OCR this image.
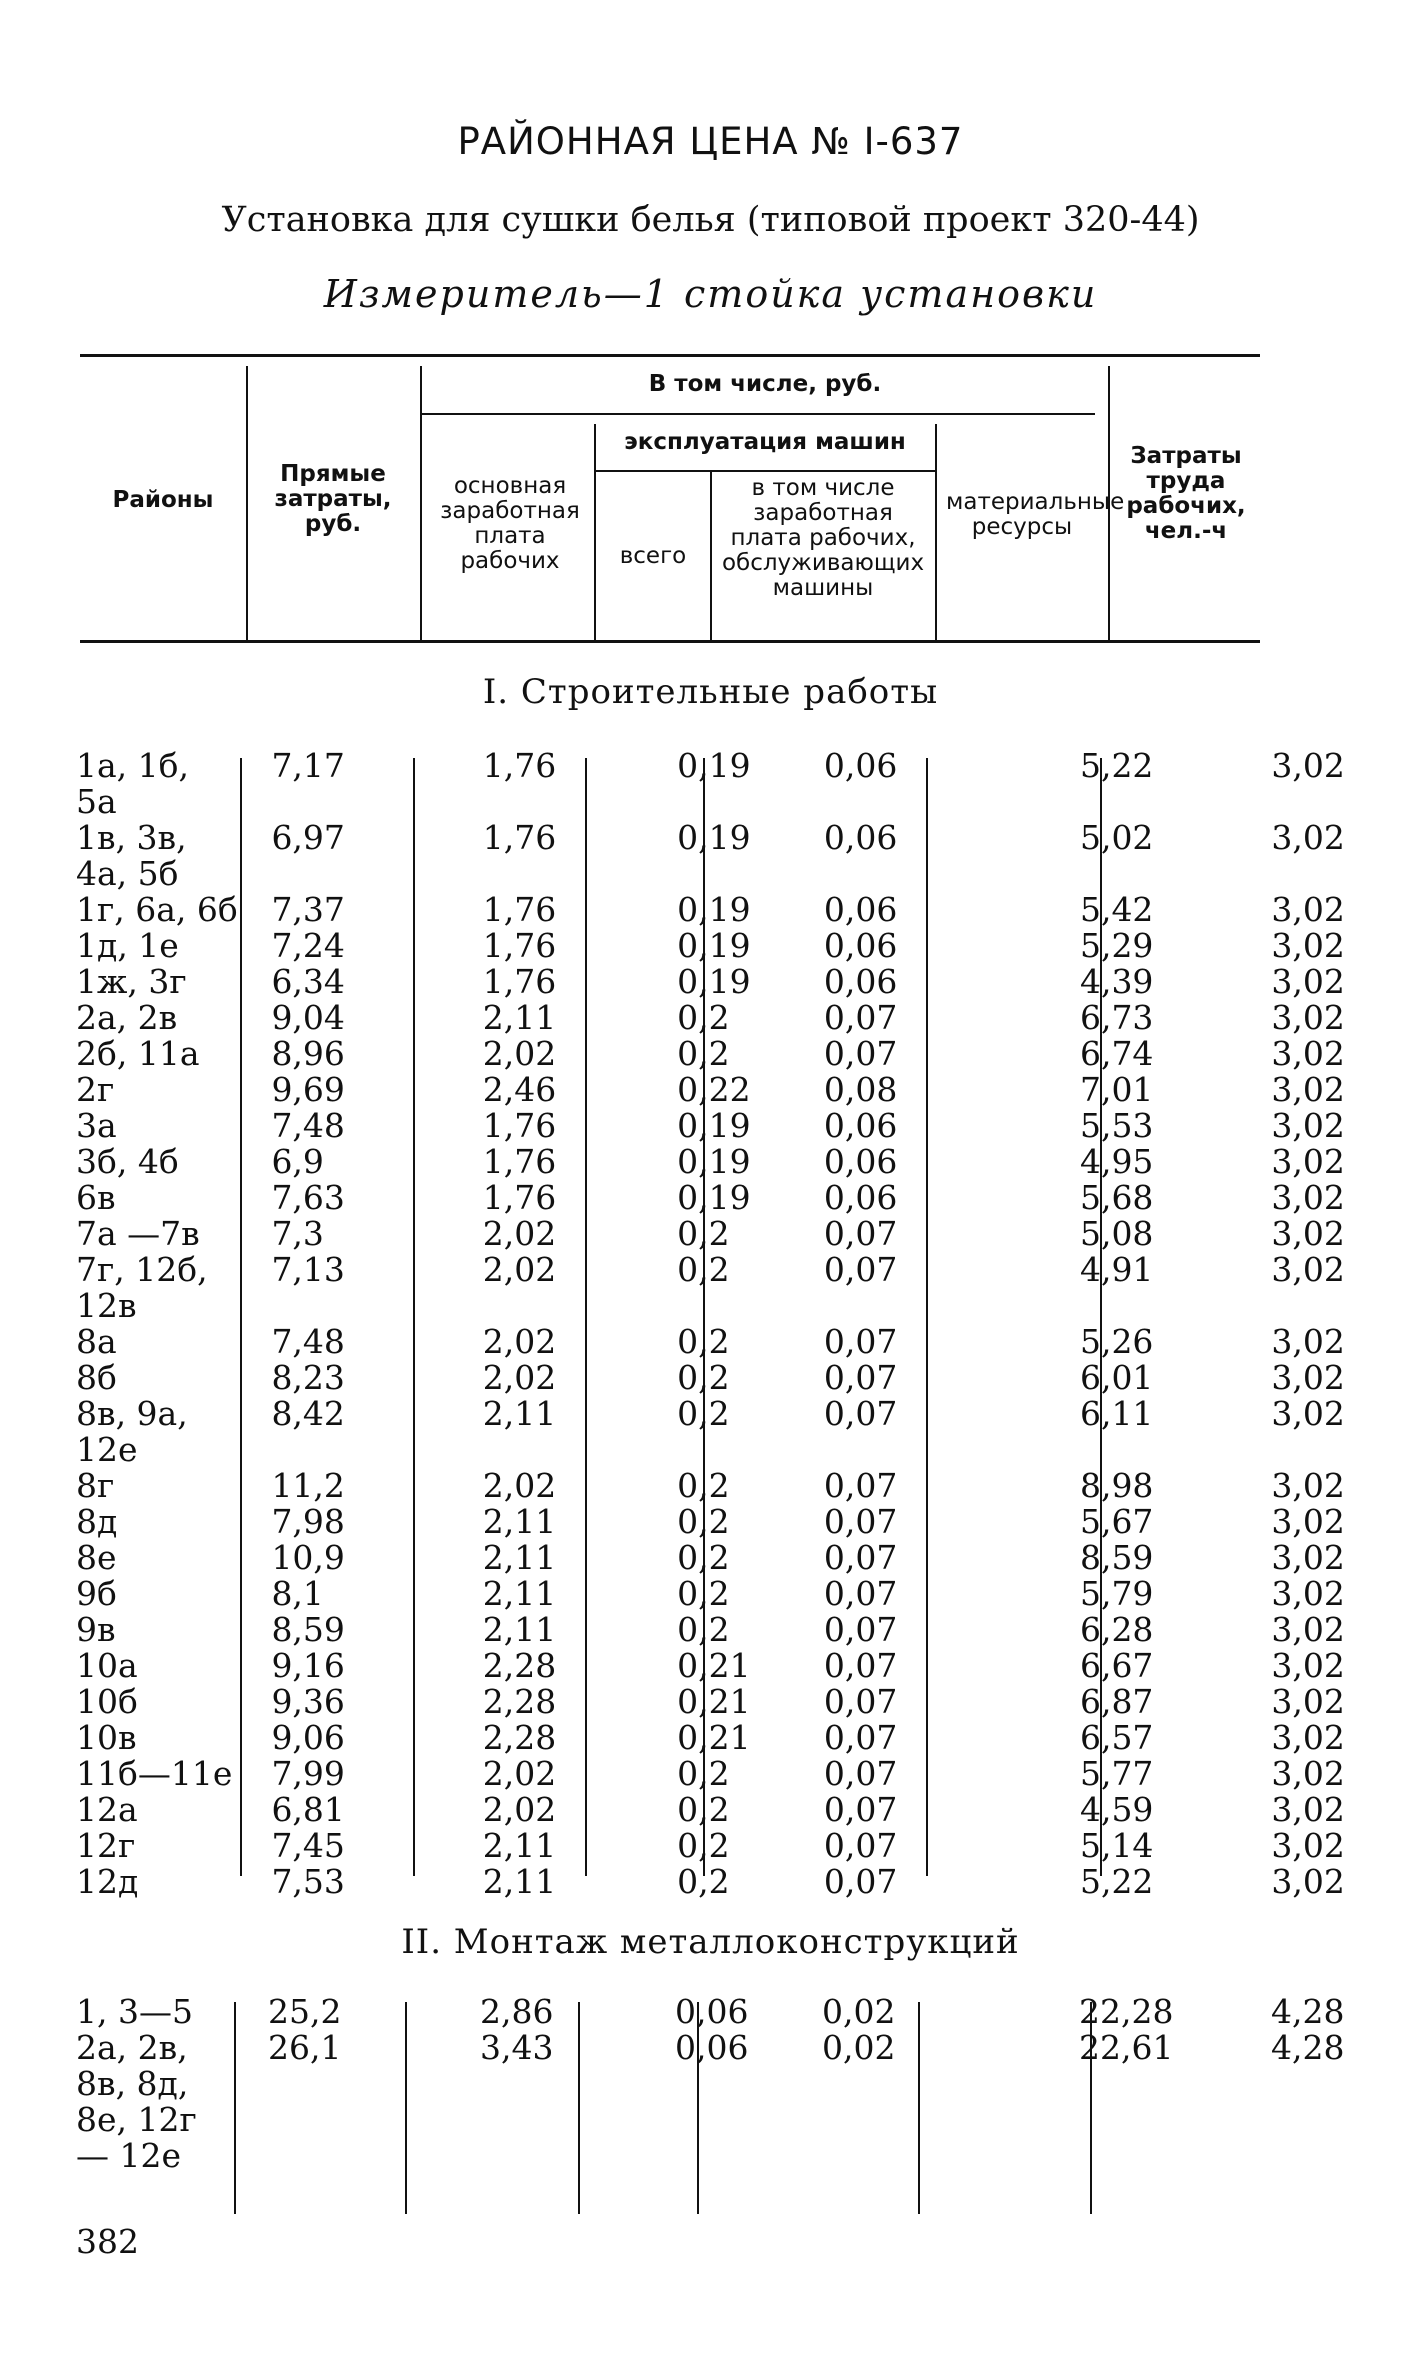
РАЙОННАЯ ЦЕНА № I-637
Установка для сушки белья (типовой проект 320-44)
Измеритель—1 стойка установки
Районы
Прямые затраты, руб.
В том числе, руб.
основная заработная плата рабочих
эксплуатация машин
всего
в том числе заработная плата рабочих, обслуживающих машины
материальные ресурсы
Затраты труда рабочих, чел.-ч
I. Строительные работы
1а, 1б, 5а	7,17	1,76	0,19	0,06	5,22	3,02
1в, 3в, 4а, 5б	6,97	1,76	0,19	0,06	5,02	3,02
1г, 6а, 6б	7,37	1,76	0,19	0,06	5,42	3,02
1д, 1е	7,24	1,76	0,19	0,06	5,29	3,02
1ж, 3г	6,34	1,76	0,19	0,06	4,39	3,02
2а, 2в	9,04	2,11	0,2	0,07	6,73	3,02
2б, 11а	8,96	2,02	0,2	0,07	6,74	3,02
2г	9,69	2,46	0,22	0,08	7,01	3,02
3а	7,48	1,76	0,19	0,06	5,53	3,02
3б, 4б	6,9	1,76	0,19	0,06	4,95	3,02
6в	7,63	1,76	0,19	0,06	5,68	3,02
7а —7в	7,3	2,02	0,2	0,07	5,08	3,02
7г, 12б, 12в	7,13	2,02	0,2	0,07	4,91	3,02
8а	7,48	2,02	0,2	0,07	5,26	3,02
8б	8,23	2,02	0,2	0,07	6,01	3,02
8в, 9а, 12е	8,42	2,11	0,2	0,07	6,11	3,02
8г	11,2	2,02	0,2	0,07	8,98	3,02
8д	7,98	2,11	0,2	0,07	5,67	3,02
8е	10,9	2,11	0,2	0,07	8,59	3,02
9б	8,1	2,11	0,2	0,07	5,79	3,02
9в	8,59	2,11	0,2	0,07	6,28	3,02
10а	9,16	2,28	0,21	0,07	6,67	3,02
10б	9,36	2,28	0,21	0,07	6,87	3,02
10в	9,06	2,28	0,21	0,07	6,57	3,02
11б—11е	7,99	2,02	0,2	0,07	5,77	3,02
12а	6,81	2,02	0,2	0,07	4,59	3,02
12г	7,45	2,11	0,2	0,07	5,14	3,02
12д	7,53	2,11	0,2	0,07	5,22	3,02
II. Монтаж металлоконструкций
1, 3—5	25,2	2,86	0,06	0,02	22,28	4,28
2а, 2в, 8в, 8д, 8е, 12г — 12е	26,1	3,43	0,06	0,02	22,61	4,28
382
